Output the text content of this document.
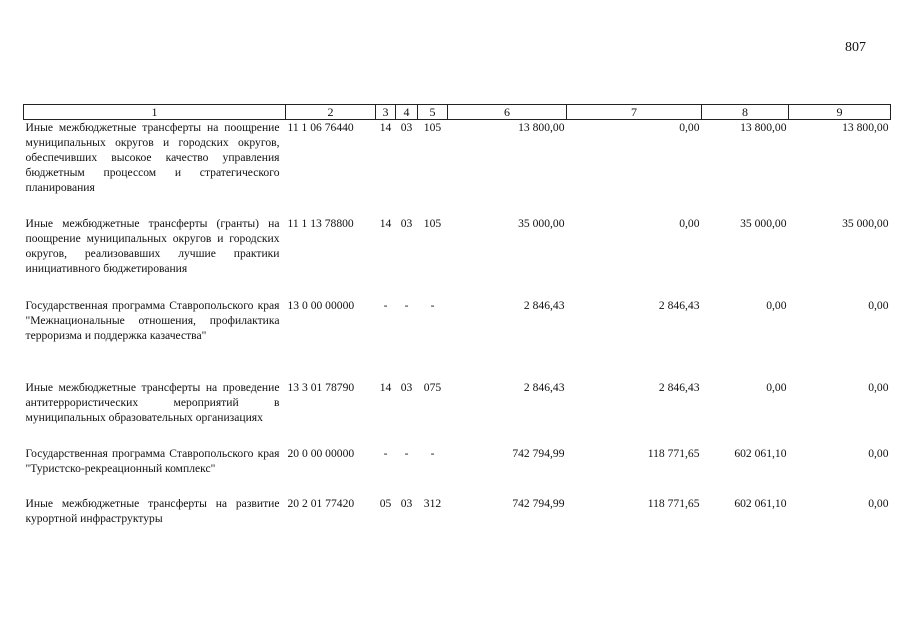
807
1	2	3	4	5	6	7	8	9
Иные межбюджетные трансферты на поощрение муниципальных округов и городских округов, обеспечивших высокое качество управления бюджетным процессом и стратегического планирования	11 1 06 76440	14	03	105	13 800,00	0,00	13 800,00	13 800,00
Иные межбюджетные трансферты (гранты) на поощрение муниципальных округов и городских округов, реализовавших лучшие практики инициативного бюджетирования	11 1 13 78800	14	03	105	35 000,00	0,00	35 000,00	35 000,00
Государственная программа Ставропольского края "Межнациональные отношения, профилактика терроризма и поддержка казачества"	13 0 00 00000	-	-	-	2 846,43	2 846,43	0,00	0,00
Иные межбюджетные трансферты на проведение антитеррористических мероприятий в муниципальных образовательных организациях	13 3 01 78790	14	03	075	2 846,43	2 846,43	0,00	0,00
Государственная программа Ставропольского края "Туристско-рекреационный комплекс"	20 0 00 00000	-	-	-	742 794,99	118 771,65	602 061,10	0,00
Иные межбюджетные трансферты на развитие курортной инфраструктуры	20 2 01 77420	05	03	312	742 794,99	118 771,65	602 061,10	0,00
